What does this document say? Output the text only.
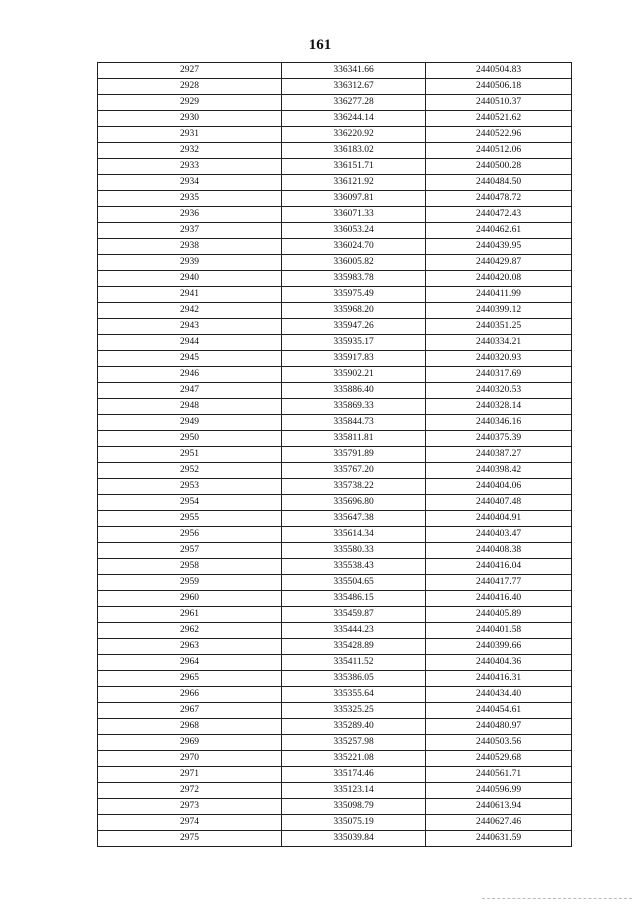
161
2927	336341.66	2440504.83
2928	336312.67	2440506.18
2929	336277.28	2440510.37
2930	336244.14	2440521.62
2931	336220.92	2440522.96
2932	336183.02	2440512.06
2933	336151.71	2440500.28
2934	336121.92	2440484.50
2935	336097.81	2440478.72
2936	336071.33	2440472.43
2937	336053.24	2440462.61
2938	336024.70	2440439.95
2939	336005.82	2440429.87
2940	335983.78	2440420.08
2941	335975.49	2440411.99
2942	335968.20	2440399.12
2943	335947.26	2440351.25
2944	335935.17	2440334.21
2945	335917.83	2440320.93
2946	335902.21	2440317.69
2947	335886.40	2440320.53
2948	335869.33	2440328.14
2949	335844.73	2440346.16
2950	335811.81	2440375.39
2951	335791.89	2440387.27
2952	335767.20	2440398.42
2953	335738.22	2440404.06
2954	335696.80	2440407.48
2955	335647.38	2440404.91
2956	335614.34	2440403.47
2957	335580.33	2440408.38
2958	335538.43	2440416.04
2959	335504.65	2440417.77
2960	335486.15	2440416.40
2961	335459.87	2440405.89
2962	335444.23	2440401.58
2963	335428.89	2440399.66
2964	335411.52	2440404.36
2965	335386.05	2440416.31
2966	335355.64	2440434.40
2967	335325.25	2440454.61
2968	335289.40	2440480.97
2969	335257.98	2440503.56
2970	335221.08	2440529.68
2971	335174.46	2440561.71
2972	335123.14	2440596.99
2973	335098.79	2440613.94
2974	335075.19	2440627.46
2975	335039.84	2440631.59
